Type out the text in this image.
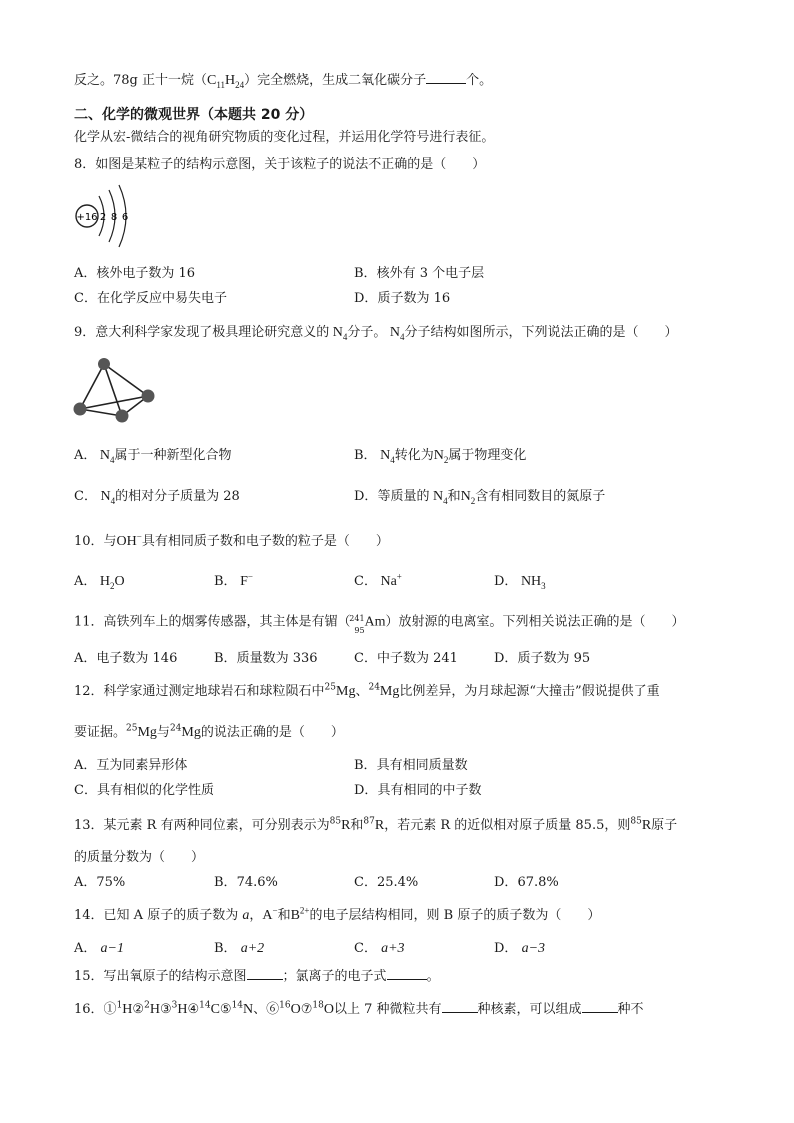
反之。78g 正十一烷$(C_{11}H_{24})$完全燃烧，生成二氧化碳分子	个。
二、化学的微观世界（本题共 20 分）
化学从宏-微结合的视角研究物质的变化过程，并运用化学符号进行表征。
8．如图是某粒子的结构示意图，关于该粒子的说法不正确的是（　　）
+16 2 8 6
A．核外电子数为 16	B．核外有 3 个电子层
C．在化学反应中易失电子	D．质子数为 16
9．意大利科学家发现了极具理论研究意义的 $N_4$分子。 $N_4$分子结构如图所示，下列说法正确的是（　　）
A． $N_4$属于一种新型化合物	B． $N_4$转化为$N_2$属于物理变化
C． $N_4$的相对分子质量为 28	D．等质量的 $N_4$和$N_2$含有相同数目的氮原子
10．与OH−具有相同质子数和电子数的粒子是（　　）
A． $H_2O$	B． F−	C． Na+	D． $NH_3$
11．高铁列车上的烟雾传感器，其主体是有镅（
241
95
Am）放射源的电离室。下列相关说法正确的是（　　）
A．电子数为 146	B．质量数为 336	C．中子数为 241	D．质子数为 95
12．科学家通过测定地球岩石和球粒陨石中$^{25}$Mg、$^{24}$Mg比例差异，为月球起源“大撞击”假说提供了重
要证据。$^{25}$Mg与$^{24}$Mg的说法正确的是（　　）
A．互为同素异形体	B．具有相同质量数
C．具有相似的化学性质	D．具有相同的中子数
13．某元素 R 有两种同位素，可分别表示为$^{85}$R和$^{87}$R，若元素 R 的近似相对原子质量 85.5，则$^{85}$R原子
的质量分数为（　　）
A．75%	B．74.6%	C．25.4%	D．67.8%
14．已知 A 原子的质子数为 a，A−和$B^{2+}$的电子层结构相同，则 B 原子的质子数为（　　）
A． a−1	B． a+2	C． a+3	D． a−3
15．写出氧原子的结构示意图	；氯离子的电子式	。
16．①$^1$H②$^2$H③$^3$H④$^{14}$C⑤$^{14}$N、⑥$^{16}$O⑦$^{18}$O以上 7 种微粒共有	种核素，可以组成	种不
